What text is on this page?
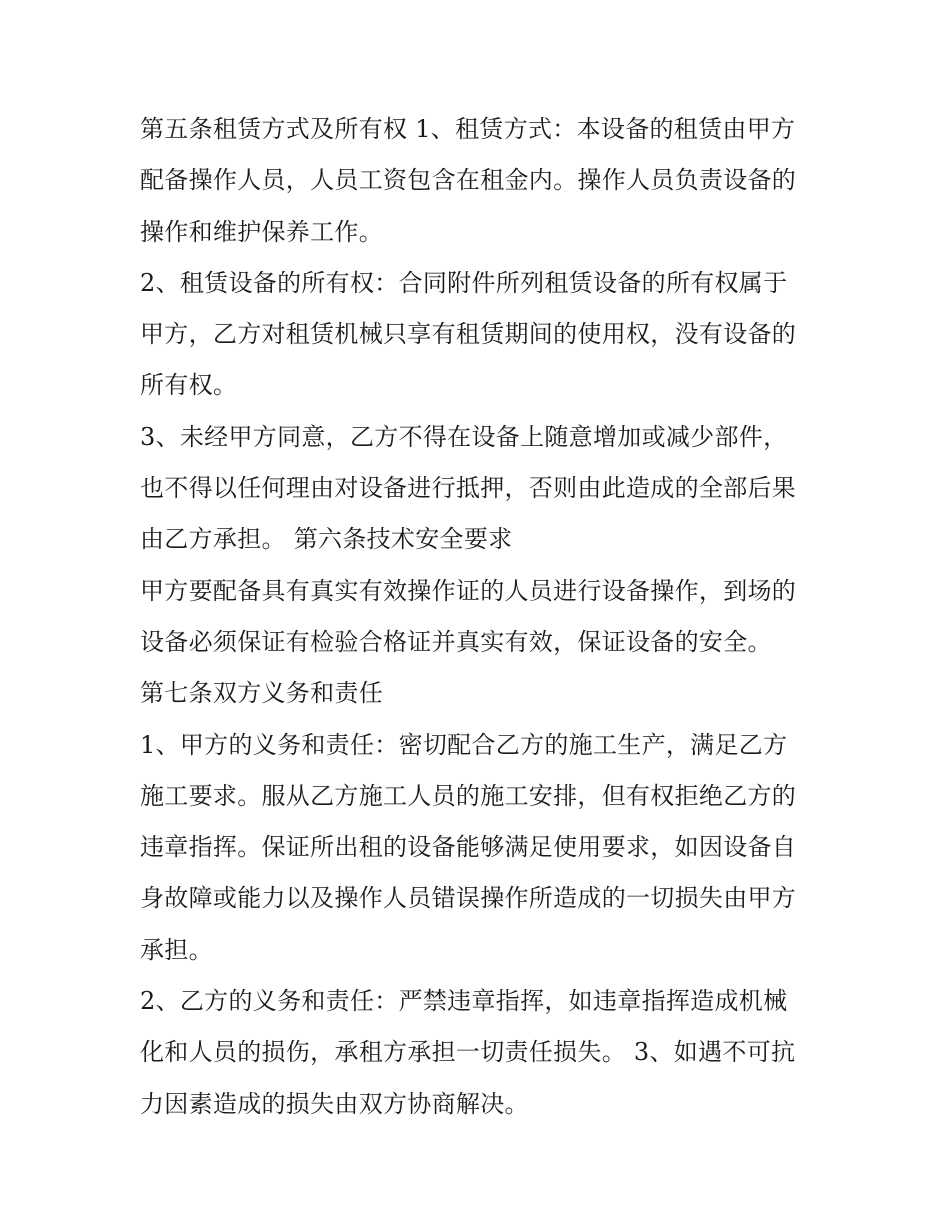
第五条租赁方式及所有权 1、租赁方式：本设备的租赁由甲方
配备操作人员，人员工资包含在租金内。操作人员负责设备的
操作和维护保养工作。
2、租赁设备的所有权：合同附件所列租赁设备的所有权属于
甲方，乙方对租赁机械只享有租赁期间的使用权，没有设备的
所有权。
3、未经甲方同意，乙方不得在设备上随意增加或减少部件，
也不得以任何理由对设备进行抵押，否则由此造成的全部后果
由乙方承担。 第六条技术安全要求
甲方要配备具有真实有效操作证的人员进行设备操作，到场的
设备必须保证有检验合格证并真实有效，保证设备的安全。
第七条双方义务和责任
1、甲方的义务和责任：密切配合乙方的施工生产，满足乙方
施工要求。服从乙方施工人员的施工安排，但有权拒绝乙方的
违章指挥。保证所出租的设备能够满足使用要求，如因设备自
身故障或能力以及操作人员错误操作所造成的一切损失由甲方
承担。
2、乙方的义务和责任：严禁违章指挥，如违章指挥造成机械
化和人员的损伤，承租方承担一切责任损失。 3、如遇不可抗
力因素造成的损失由双方协商解决。
